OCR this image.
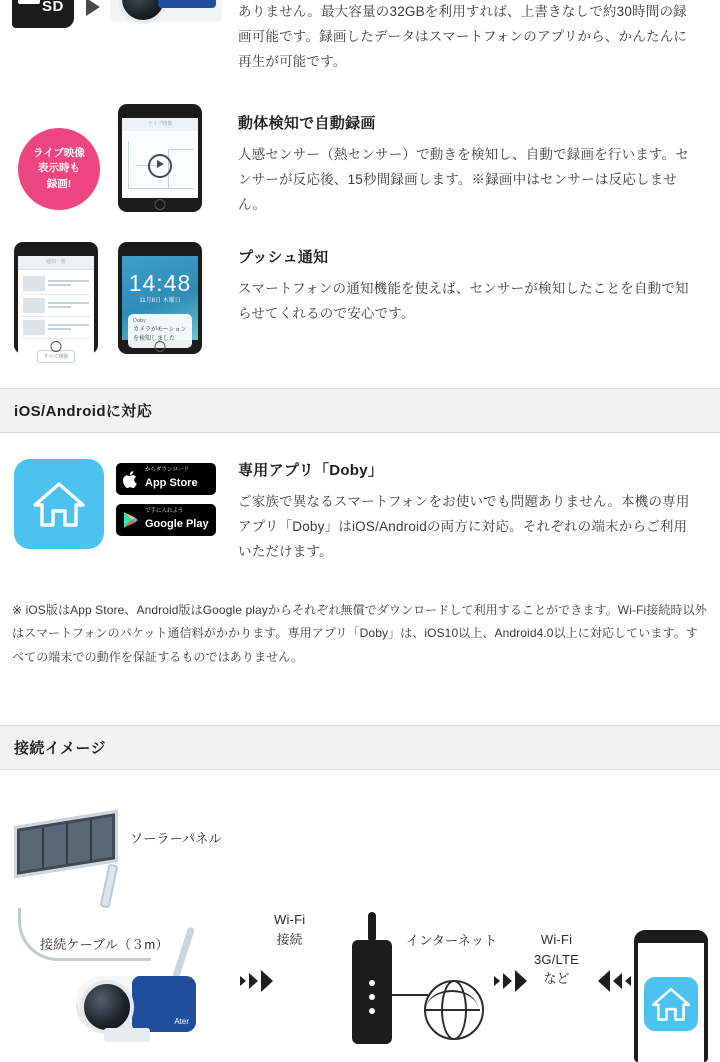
SD	ありません。最大容量の32GBを利用すれば、上書きなしで約30時間の録画可能です。録画したデータはスマートフォンのアプリから、かんたんに再生が可能です。

ライブ映像
表示時も
録画!
ライブ映像	動体検知で自動録画

人感センサー（熱センサー）で動きを検知し、自動で録画を行います。センサーが反応後、15秒間録画します。※録画中はセンサーは反応しません。

通知一覧
すべて削除
14:48
11月8日 木曜日
Doby
カメラがモーションを検知しました
プッシュ通知

スマートフォンの通知機能を使えば、センサーが検知したことを自動で知らせてくれるので安心です。

iOS/Androidに対応
からダウンロード
App Store
で手に入れよう
Google Play
専用アプリ「Doby」

ご家族で異なるスマートフォンをお使いでも問題ありません。本機の専用アプリ「Doby」はiOS/Androidの両方に対応。それぞれの端末からご利用いただけます。

※ iOS版はApp Store、Android版はGoogle playからそれぞれ無償でダウンロードして利用することができます。Wi-Fi接続時以外はスマートフォンのパケット通信料がかかります。専用アプリ「Doby」は、iOS10以上、Android4.0以上に対応しています。すべての端末での動作を保証するものではありません。

接続イメージ
ソーラーパネル
接続ケーブル（３m）
Ater
Wi-Fi
接続	インターネット	Wi-Fi
3G/LTE
など
